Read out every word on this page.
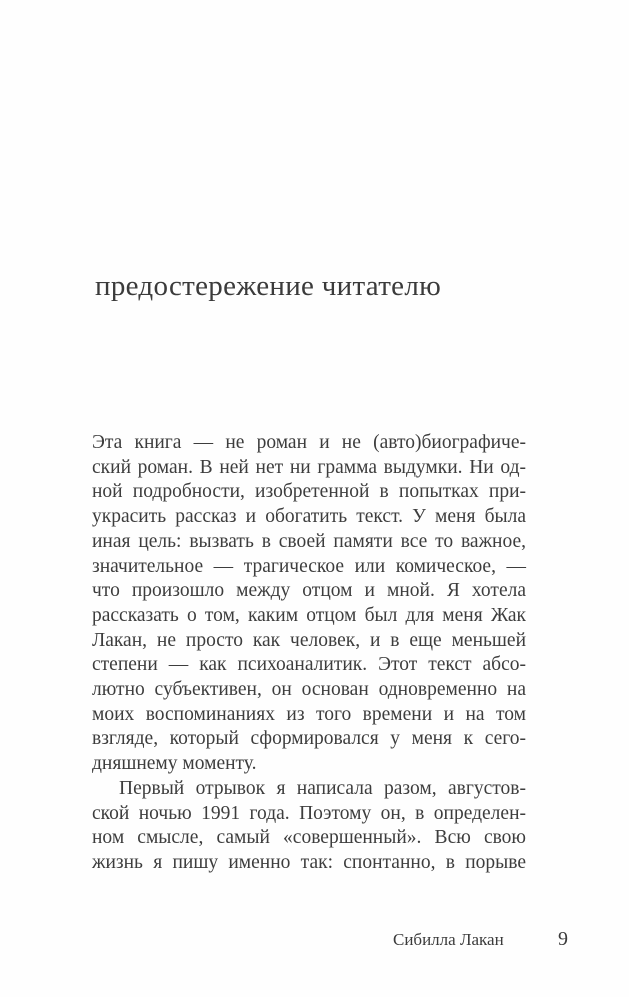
предостережение читателю
Эта книга — не роман и не (авто)биографиче-
ский роман. В ней нет ни грамма выдумки. Ни од-
ной подробности, изобретенной в попытках при-
украсить рассказ и обогатить текст. У меня была
иная цель: вызвать в своей памяти все то важное,
значительное — трагическое или комическое, —
что произошло между отцом и мной. Я хотела
рассказать о том, каким отцом был для меня Жак
Лакан, не просто как человек, и в еще меньшей
степени — как психоаналитик. Этот текст абсо-
лютно субъективен, он основан одновременно на
моих воспоминаниях из того времени и на том
взгляде, который сформировался у меня к сего-
дняшнему моменту.
Первый отрывок я написала разом, августов-
ской ночью 1991 года. Поэтому он, в определен-
ном смысле, самый «совершенный». Всю свою
жизнь я пишу именно так: спонтанно, в порыве
Сибилла Лакан	9
